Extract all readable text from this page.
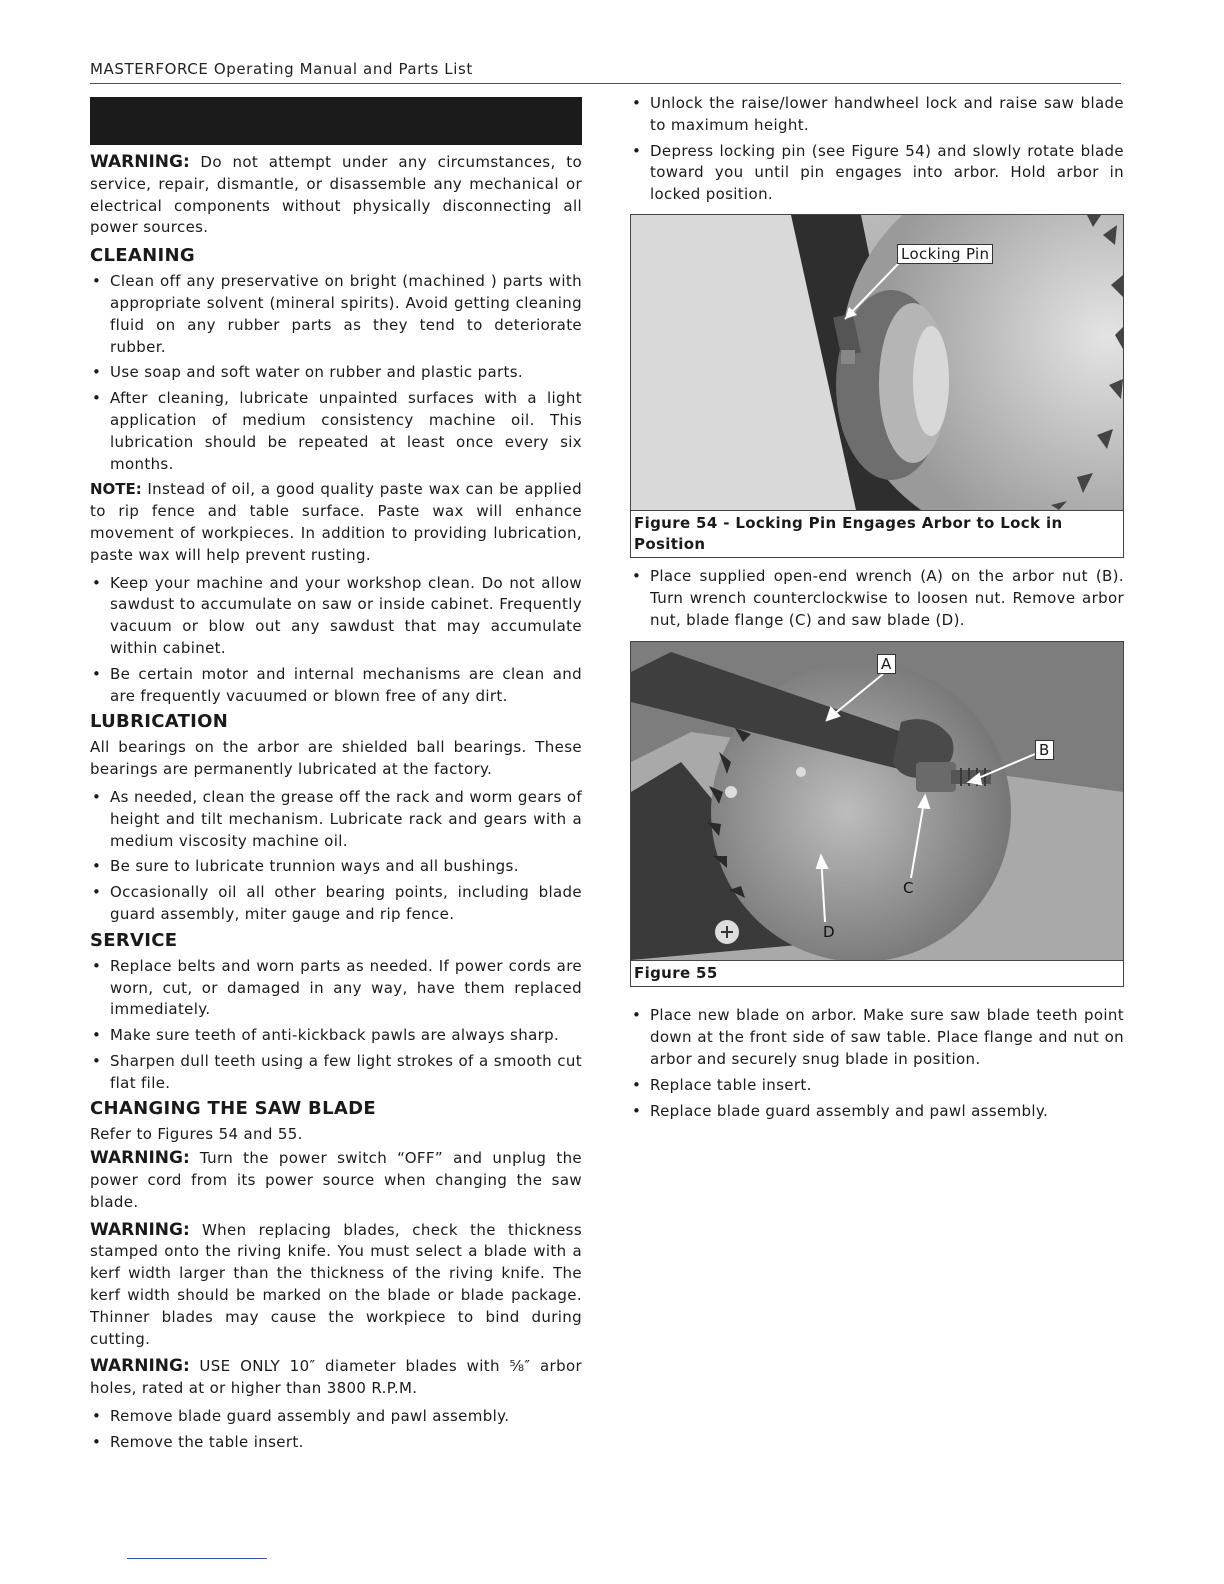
MASTERFORCE Operating Manual and Parts List

WARNING: Do not attempt under any circumstances, to service, repair, dismantle, or disassemble any mechanical or electrical components without physically disconnecting all power sources.

CLEANING
• Clean off any preservative on bright (machined ) parts with appropriate solvent (mineral spirits). Avoid getting cleaning fluid on any rubber parts as they tend to deteriorate rubber.
• Use soap and soft water on rubber and plastic parts.
• After cleaning, lubricate unpainted surfaces with a light application of medium consistency machine oil. This lubrication should be repeated at least once every six months.

NOTE: Instead of oil, a good quality paste wax can be applied to rip fence and table surface. Paste wax will enhance movement of workpieces. In addition to providing lubrication, paste wax will help prevent rusting.

• Keep your machine and your workshop clean. Do not allow sawdust to accumulate on saw or inside cabinet. Frequently vacuum or blow out any sawdust that may accumulate within cabinet.
• Be certain motor and internal mechanisms are clean and are frequently vacuumed or blown free of any dirt.
LUBRICATION

All bearings on the arbor are shielded ball bearings. These bearings are permanently lubricated at the factory.

• As needed, clean the grease off the rack and worm gears of height and tilt mechanism. Lubricate rack and gears with a medium viscosity machine oil.
• Be sure to lubricate trunnion ways and all bushings.
• Occasionally oil all other bearing points, including blade guard assembly, miter gauge and rip fence.
SERVICE
• Replace belts and worn parts as needed. If power cords are worn, cut, or damaged in any way, have them replaced immediately.
• Make sure teeth of anti-kickback pawls are always sharp.
• Sharpen dull teeth using a few light strokes of a smooth cut flat file.
CHANGING THE SAW BLADE

Refer to Figures 54 and 55.

WARNING: Turn the power switch “OFF” and unplug the power cord from its power source when changing the saw blade.

WARNING: When replacing blades, check the thickness stamped onto the riving knife. You must select a blade with a kerf width larger than the thickness of the riving knife. The kerf width should be marked on the blade or blade package. Thinner blades may cause the workpiece to bind during cutting.

WARNING: USE ONLY 10″ diameter blades with ⅝″ arbor holes, rated at or higher than 3800 R.P.M.

• Remove blade guard assembly and pawl assembly.
• Remove the table insert.
• Unlock the raise/lower handwheel lock and raise saw blade to maximum height.
• Depress locking pin (see Figure 54) and slowly rotate blade toward you until pin engages into arbor. Hold arbor in locked position.
Locking Pin
Figure 54 - Locking Pin Engages Arbor to Lock in Position
• Place supplied open-end wrench (A) on the arbor nut (B). Turn wrench counterclockwise to loosen nut. Remove arbor nut, blade flange (C) and saw blade (D).
A
B
C
D
Figure 55
• Place new blade on arbor. Make sure saw blade teeth point down at the front side of saw table. Place flange and nut on arbor and securely snug blade in position.
• Replace table insert.
• Replace blade guard assembly and pawl assembly.
